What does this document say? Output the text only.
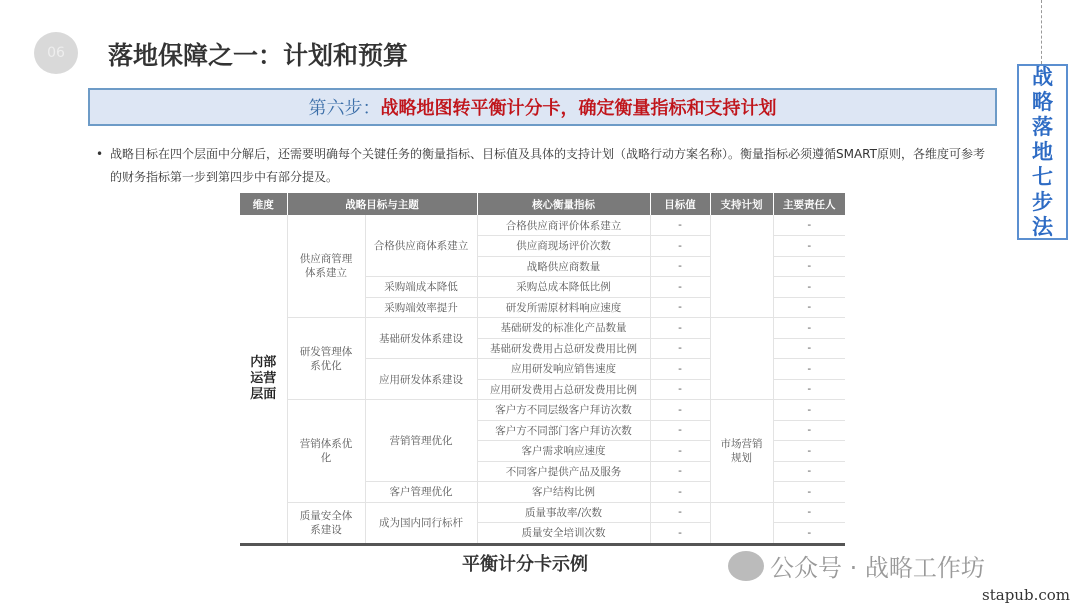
06	落地保障之一：计划和预算
第六步： 战略地图转平衡计分卡，确定衡量指标和支持计划
战
略
落
地
七
步
法
• 战略目标在四个层面中分解后，还需要明确每个关键任务的衡量指标、目标值及具体的支持计划（战略行动方案名称）。衡量指标必须遵循SMART原则，各维度可参考的财务指标第一步到第四步中有部分提及。
维度	战略目标与主题		核心衡量指标	目标值	支持计划	主要责任人
内部
运营
层面	供应商管理体系建立	合格供应商体系建立	合格供应商评价体系建立	-		-
			供应商现场评价次数	-		-
			战略供应商数量	-		-
		采购端成本降低	采购总成本降低比例	-		-
		采购端效率提升	研发所需原材料响应速度	-		-
	研发管理体系优化	基础研发体系建设	基础研发的标准化产品数量	-		-
			基础研发费用占总研发费用比例	-		-
		应用研发体系建设	应用研发响应销售速度	-		-
			应用研发费用占总研发费用比例	-		-
	营销体系优化	营销管理优化	客户方不同层级客户拜访次数	-	市场营销规划	-
			客户方不同部门客户拜访次数	-		-
			客户需求响应速度	-		-
			不同客户提供产品及服务	-		-
		客户管理优化	客户结构比例	-		-
	质量安全体系建设	成为国内同行标杆	质量事故率/次数	-		-
			质量安全培训次数	-		-
平衡计分卡示例	公众号 · 战略工作坊
stapub.com
